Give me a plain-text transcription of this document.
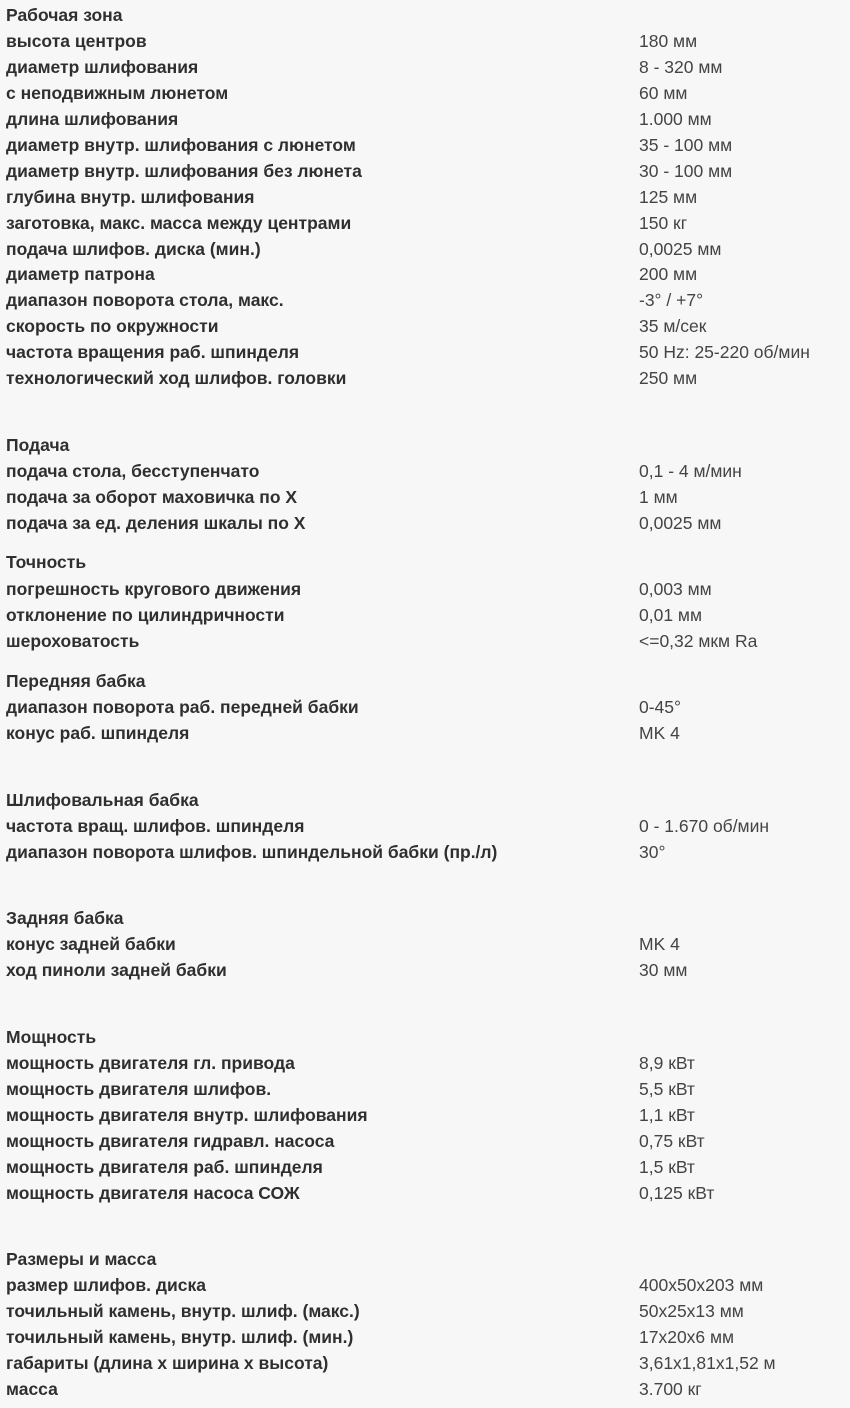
Рабочая зона
высота центров	180 мм
диаметр шлифования	8 - 320 мм
с неподвижным люнетом	60 мм
длина шлифования	1.000 мм
диаметр внутр. шлифования с люнетом	35 - 100 мм
диаметр внутр. шлифования без люнета	30 - 100 мм
глубина внутр. шлифования	125 мм
заготовка, макс. масса между центрами	150 кг
подача шлифов. диска (мин.)	0,0025 мм
диаметр патрона	200 мм
диапазон поворота стола, макс.	-3° / +7°
скорость по окружности	35 м/сек
частота вращения раб. шпинделя	50 Hz: 25-220 об/мин
технологический ход шлифов. головки	250 мм
Подача
подача стола, бесступенчато	0,1 - 4 м/мин
подача за оборот маховичка по X	1 мм
подача за ед. деления шкалы по X	0,0025 мм
Точность
погрешность кругового движения	0,003 мм
отклонение по цилиндричности	0,01 мм
шероховатость	<=0,32 мкм Ra
Передняя бабка
диапазон поворота раб. передней бабки	0-45°
конус раб. шпинделя	MK 4
Шлифовальная бабка
частота вращ. шлифов. шпинделя	0 - 1.670 об/мин
диапазон поворота шлифов. шпиндельной бабки (пр./л)	30°
Задняя бабка
конус задней бабки	MK 4
ход пиноли задней бабки	30 мм
Мощность
мощность двигателя гл. привода	8,9 кВт
мощность двигателя шлифов.	5,5 кВт
мощность двигателя внутр. шлифования	1,1 кВт
мощность двигателя гидравл. насоса	0,75 кВт
мощность двигателя раб. шпинделя	1,5 кВт
мощность двигателя насоса СОЖ	0,125 кВт
Размеры и масса
размер шлифов. диска	400x50x203 мм
точильный камень, внутр. шлиф. (макс.)	50x25x13 мм
точильный камень, внутр. шлиф. (мин.)	17x20x6 мм
габариты (длина x ширина x высота)	3,61x1,81x1,52 м
масса	3.700 кг
